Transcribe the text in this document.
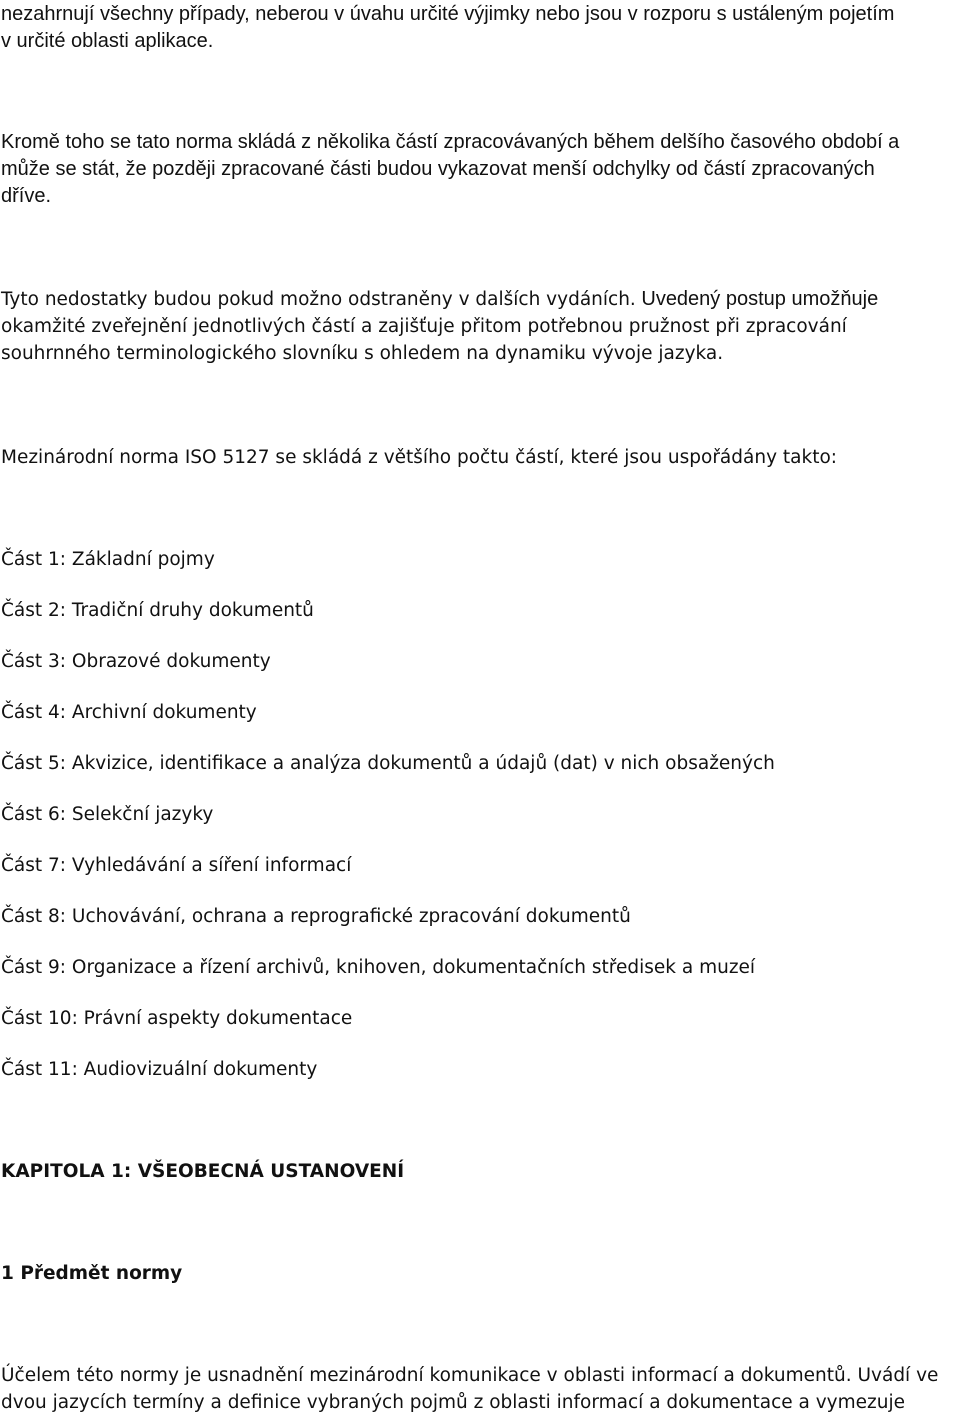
nezahrnují všechny případy, neberou v úvahu určité výjimky nebo jsou v rozporu s ustáleným pojetím
v určité oblasti aplikace.
Kromě toho se tato norma skládá z několika částí zpracovávaných během delšího časového období a
může se stát, že později zpracované části budou vykazovat menší odchylky od částí zpracovaných
dříve.
Tyto nedostatky budou pokud možno odstraněny v dalších vydáních. Uvedený postup umožňuje
okamžité zveřejnění jednotlivých částí a zajišťuje přitom potřebnou pružnost při zpracování
souhrnného terminologického slovníku s ohledem na dynamiku vývoje jazyka.
Mezinárodní norma ISO 5127 se skládá z většího počtu částí, které jsou uspořádány takto:
Část 1: Základní pojmy
Část 2: Tradiční druhy dokumentů
Část 3: Obrazové dokumenty
Část 4: Archivní dokumenty
Část 5: Akvizice, identifikace a analýza dokumentů a údajů (dat) v nich obsažených
Část 6: Selekční jazyky
Část 7: Vyhledávání a síření informací
Část 8: Uchovávání, ochrana a reprografické zpracování dokumentů
Část 9: Organizace a řízení archivů, knihoven, dokumentačních středisek a muzeí
Část 10: Právní aspekty dokumentace
Část 11: Audiovizuální dokumenty
KAPITOLA 1: VŠEOBECNÁ USTANOVENÍ
1 Předmět normy
Účelem této normy je usnadnění mezinárodní komunikace v oblasti informací a dokumentů. Uvádí ve
dvou jazycích termíny a definice vybraných pojmů z oblasti informací a dokumentace a vymezuje
